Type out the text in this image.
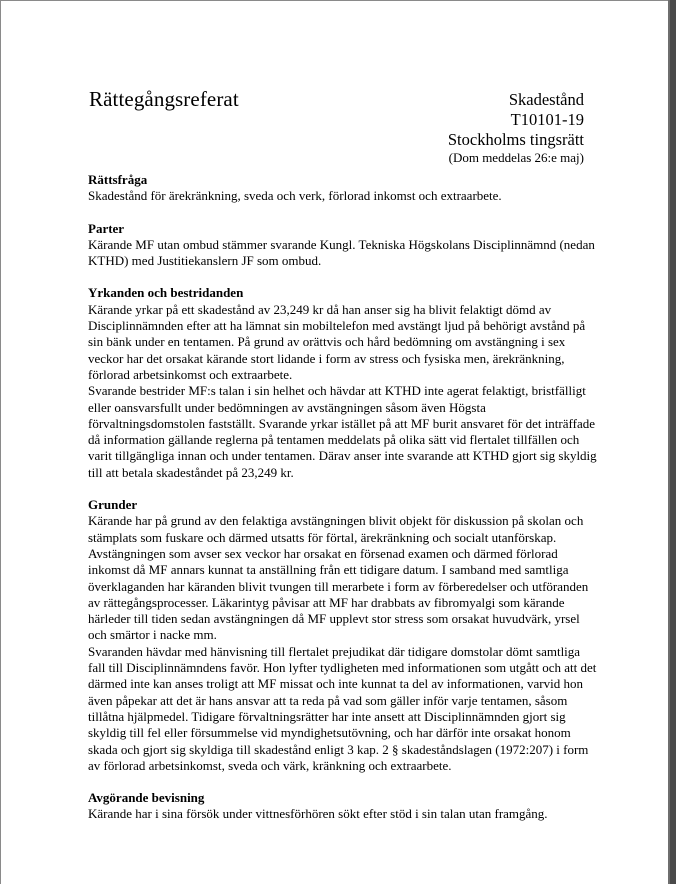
Rättegångsreferat	Skadestånd
T10101-19
Stockholms tingsrätt
(Dom meddelas 26:e maj)
Rättsfråga

Skadestånd för ärekränkning, sveda och verk, förlorad inkomst och extraarbete.

Parter

Kärande MF utan ombud stämmer svarande Kungl. Tekniska Högskolans Disciplinnämnd (nedan KTHD) med Justitiekanslern JF som ombud.

Yrkanden och bestridanden

Kärande yrkar på ett skadestånd av 23,249 kr då han anser sig ha blivit felaktigt dömd av Disciplinnämnden efter att ha lämnat sin mobiltelefon med avstängt ljud på behörigt avstånd på sin bänk under en tentamen. På grund av orättvis och hård bedömning om avstängning i sex veckor har det orsakat kärande stort lidande i form av stress och fysiska men, ärekränkning, förlorad arbetsinkomst och extraarbete.

Svarande bestrider MF:s talan i sin helhet och hävdar att KTHD inte agerat felaktigt, bristfälligt eller oansvarsfullt under bedömningen av avstängningen såsom även Högsta förvaltningsdomstolen fastställt. Svarande yrkar istället på att MF burit ansvaret för det inträffade då information gällande reglerna på tentamen meddelats på olika sätt vid flertalet tillfällen och varit tillgängliga innan och under tentamen. Därav anser inte svarande att KTHD gjort sig skyldig till att betala skadeståndet på 23,249 kr.

Grunder

Kärande har på grund av den felaktiga avstängningen blivit objekt för diskussion på skolan och stämplats som fuskare och därmed utsatts för förtal, ärekränkning och socialt utanförskap. Avstängningen som avser sex veckor har orsakat en försenad examen och därmed förlorad inkomst då MF annars kunnat ta anställning från ett tidigare datum. I samband med samtliga överklaganden har käranden blivit tvungen till merarbete i form av förberedelser och utföranden av rättegångsprocesser. Läkarintyg påvisar att MF har drabbats av fibromyalgi som kärande härleder till tiden sedan avstängningen då MF upplevt stor stress som orsakat huvudvärk, yrsel och smärtor i nacke mm.

Svaranden hävdar med hänvisning till flertalet prejudikat där tidigare domstolar dömt samtliga fall till Disciplinnämndens favör. Hon lyfter tydligheten med informationen som utgått och att det därmed inte kan anses troligt att MF missat och inte kunnat ta del av informationen, varvid hon även påpekar att det är hans ansvar att ta reda på vad som gäller inför varje tentamen, såsom tillåtna hjälpmedel. Tidigare förvaltningsrätter har inte ansett att Disciplinnämnden gjort sig skyldig till fel eller försummelse vid myndighetsutövning, och har därför inte orsakat honom skada och gjort sig skyldiga till skadestånd enligt 3 kap. 2 § skadeståndslagen (1972:207) i form av förlorad arbetsinkomst, sveda och värk, kränkning och extraarbete.

Avgörande bevisning

Kärande har i sina försök under vittnesförhören sökt efter stöd i sin talan utan framgång.
